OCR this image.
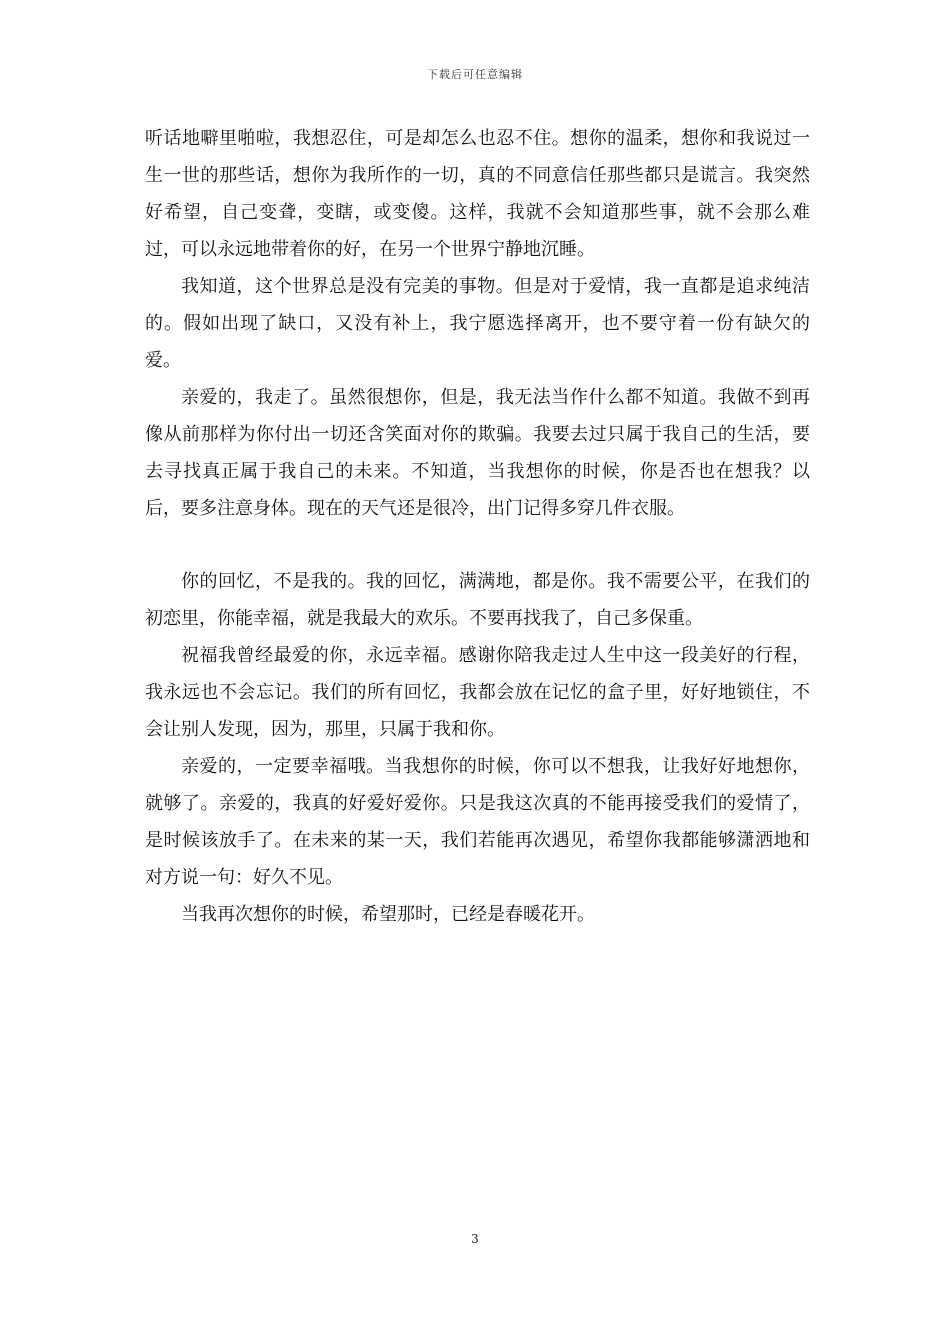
下载后可任意编辑

听话地噼里啪啦，我想忍住，可是却怎么也忍不住。想你的温柔，想你和我说过一生一世的那些话，想你为我所作的一切，真的不同意信任那些都只是谎言。我突然好希望，自己变聋，变瞎，或变傻。这样，我就不会知道那些事，就不会那么难过，可以永远地带着你的好，在另一个世界宁静地沉睡。

我知道，这个世界总是没有完美的事物。但是对于爱情，我一直都是追求纯洁的。假如出现了缺口，又没有补上，我宁愿选择离开，也不要守着一份有缺欠的爱。

亲爱的，我走了。虽然很想你，但是，我无法当作什么都不知道。我做不到再像从前那样为你付出一切还含笑面对你的欺骗。我要去过只属于我自己的生活，要去寻找真正属于我自己的未来。不知道，当我想你的时候，你是否也在想我？以后，要多注意身体。现在的天气还是很冷，出门记得多穿几件衣服。

你的回忆，不是我的。我的回忆，满满地，都是你。我不需要公平，在我们的初恋里，你能幸福，就是我最大的欢乐。不要再找我了，自己多保重。

祝福我曾经最爱的你，永远幸福。感谢你陪我走过人生中这一段美好的行程，我永远也不会忘记。我们的所有回忆，我都会放在记忆的盒子里，好好地锁住，不会让别人发现，因为，那里，只属于我和你。

亲爱的，一定要幸福哦。当我想你的时候，你可以不想我，让我好好地想你，就够了。亲爱的，我真的好爱好爱你。只是我这次真的不能再接受我们的爱情了，是时候该放手了。在未来的某一天，我们若能再次遇见，希望你我都能够潇洒地和对方说一句：好久不见。

当我再次想你的时候，希望那时，已经是春暖花开。

3
